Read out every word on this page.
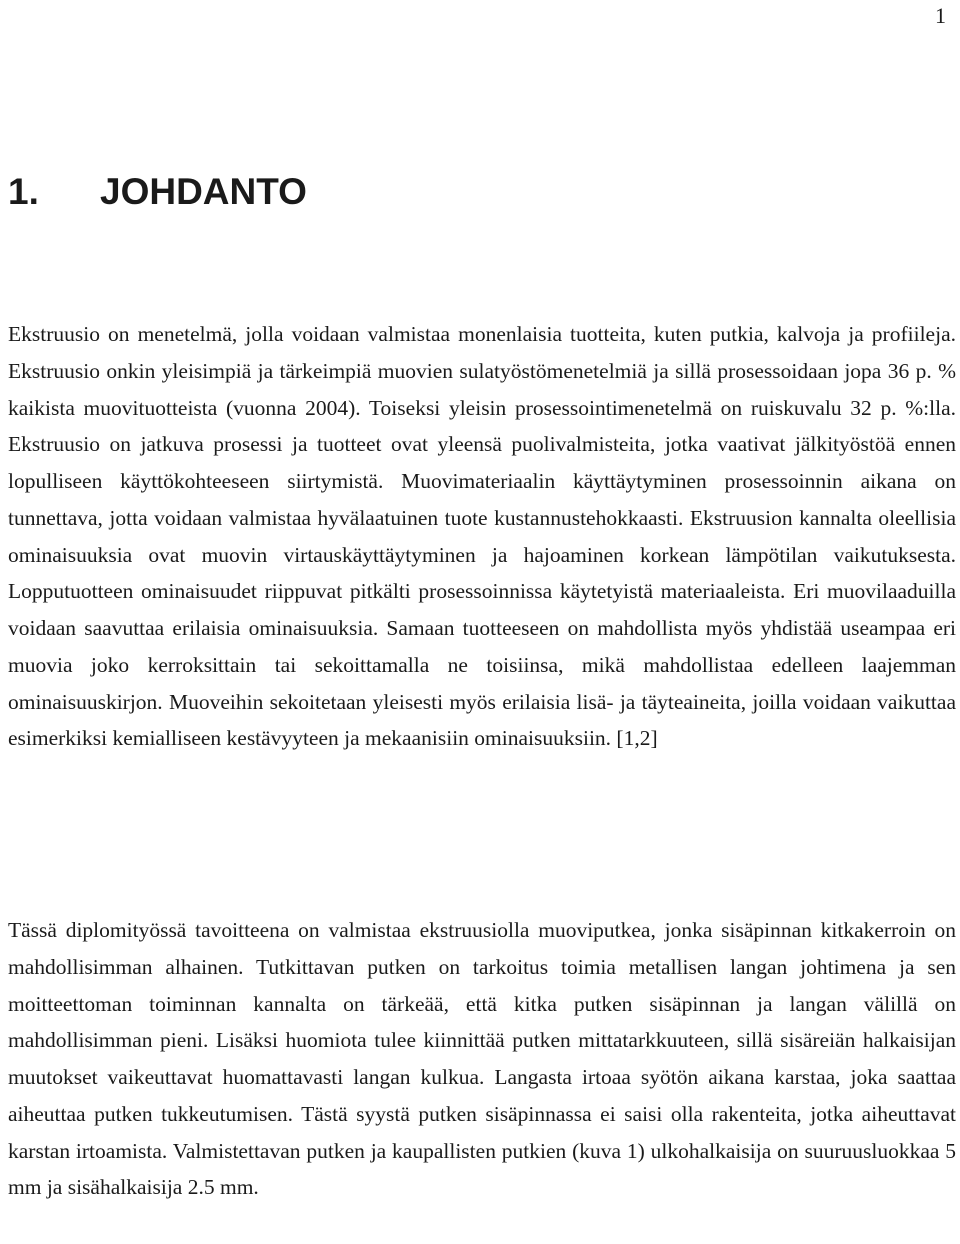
1
1. JOHDANTO

Ekstruusio on menetelmä, jolla voidaan valmistaa monenlaisia tuotteita, kuten putkia, kalvoja ja profiileja. Ekstruusio onkin yleisimpiä ja tärkeimpiä muovien sulatyöstömenetelmiä ja sillä prosessoidaan jopa 36 p. % kaikista muovituotteista (vuonna 2004). Toiseksi yleisin prosessointimenetelmä on ruiskuvalu 32 p. %:lla. Ekstruusio on jatkuva prosessi ja tuotteet ovat yleensä puolivalmisteita, jotka vaativat jälkityöstöä ennen lopulliseen käyttökohteeseen siirtymistä. Muovimateriaalin käyttäytyminen prosessoinnin aikana on tunnettava, jotta voidaan valmistaa hyvälaatuinen tuote kustannustehokkaasti. Ekstruusion kannalta oleellisia ominaisuuksia ovat muovin virtauskäyttäytyminen ja hajoaminen korkean lämpötilan vaikutuksesta. Lopputuotteen ominaisuudet riippuvat pitkälti prosessoinnissa käytetyistä materiaaleista. Eri muovilaaduilla voidaan saavuttaa erilaisia ominaisuuksia. Samaan tuotteeseen on mahdollista myös yhdistää useampaa eri muovia joko kerroksittain tai sekoittamalla ne toisiinsa, mikä mahdollistaa edelleen laajemman ominaisuuskirjon. Muoveihin sekoitetaan yleisesti myös erilaisia lisä- ja täyteaineita, joilla voidaan vaikuttaa esimerkiksi kemialliseen kestävyyteen ja mekaanisiin ominaisuuksiin. [1,2]

Tässä diplomityössä tavoitteena on valmistaa ekstruusiolla muoviputkea, jonka sisäpinnan kitkakerroin on mahdollisimman alhainen. Tutkittavan putken on tarkoitus toimia metallisen langan johtimena ja sen moitteettoman toiminnan kannalta on tärkeää, että kitka putken sisäpinnan ja langan välillä on mahdollisimman pieni. Lisäksi huomiota tulee kiinnittää putken mittatarkkuuteen, sillä sisäreiän halkaisijan muutokset vaikeuttavat huomattavasti langan kulkua. Langasta irtoaa syötön aikana karstaa, joka saattaa aiheuttaa putken tukkeutumisen. Tästä syystä putken sisäpinnassa ei saisi olla rakenteita, jotka aiheuttavat karstan irtoamista. Valmistettavan putken ja kaupallisten putkien (kuva 1) ulkohalkaisija on suuruusluokkaa 5 mm ja sisähalkaisija 2.5 mm.
